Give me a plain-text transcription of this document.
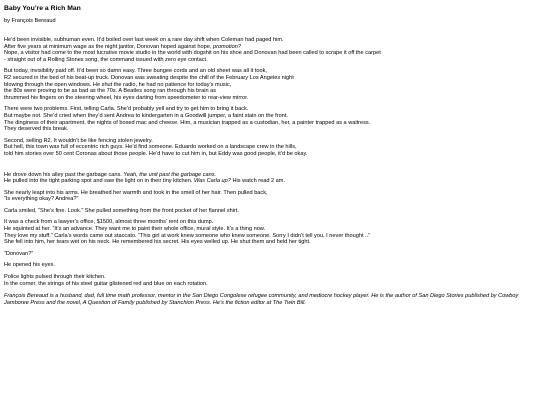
Baby You’re a Rich Man
by François Bereaud
He’d been invisible, subhuman even. It’d boiled over last week on a rare day shift when Coleman had paged him.
After five years at minimum wage as the night janitor, Donovan hoped against hope, promotion?
Nope, a visitor had come to the most lucrative movie studio in the world with dogshit on his shoe and Donovan had been called to scrape it off the carpet
- straight out of a Rolling Stones song, the command issued with zero eye contact.
But today, invisibility paid off. It’d been so damn easy. Three bungee cords and an old sheet was all it took,
R2 secured in the bed of his beat-up truck. Donovan was sweating despite the chill of the February Los Angeles night
blowing through the open windows. He shut the radio, he had no patience for today’s music,
the 80s were proving to be as bad as the 70s. A Beatles song ran through his brain as
thrummed his fingers on the steering wheel, his eyes darting from speedometer to rear-view mirror.
There were two problems. First, telling Carla. She’d probably yell and try to get him to bring it back.
But maybe not. She’d cried when they’d sent Andrea to kindergarten in a Goodwill jumper, a faint stain on the front.
The dinginess of their apartment, the nights of boxed mac and cheese. Him, a musician trapped as a custodian, her, a painter trapped as a waitress.
They deserved this break.
Second, selling R2. It wouldn’t be like fencing stolen jewelry.
But hell, this town was full of eccentric rich guys. He’d find someone. Eduardo worked on a landscape crew in the hills,
told him stories over 50 cent Coronas about those people. He’d have to cut him in, but Eddy was good people, it’d be okay.
He drove down his alley past the garbage cans. Yeah, the unit past the garbage cans.
He pulled into the tight parking spot and saw the light on in their tiny kitchen. Was Carla up? His watch read 2 am.
She nearly leapt into his arms. He breathed her warmth and took in the smell of her hair. Then pulled back,
“Is everything okay? Andrea?”
Carla smiled, “She’s fine. Look.” She pulled something from the front pocket of her flannel shirt.
It was a check from a lawyer’s office, $1500, almost three months’ rent on this dump.
He squinted at her. “It’s an advance. They want me to paint their whole office, mural style. It’s a thing now.
They love my stuff.” Carla’s words came out staccato. “This girl at work knew someone who knew someone. Sorry I didn’t tell you, I never thought ..”
She fell into him, her tears wet on his neck. He remembered his secret. His eyes welled up. He shut them and held her tight.
“Donovan?”
He opened his eyes.
Police lights pulsed through their kitchen.
In the corner, the strings of his steel guitar glistened red and blue on each rotation.
François Bereaud is a husband, dad, full time math professor, mentor in the San Diego Congolese refugee community, and mediocre hockey player. He is the author of San Diego Stories published by Cowboy Jamboree Press and the novel, A Question of Family published by Stanchion Press. He’s the fiction editor at The Twin Bill.
